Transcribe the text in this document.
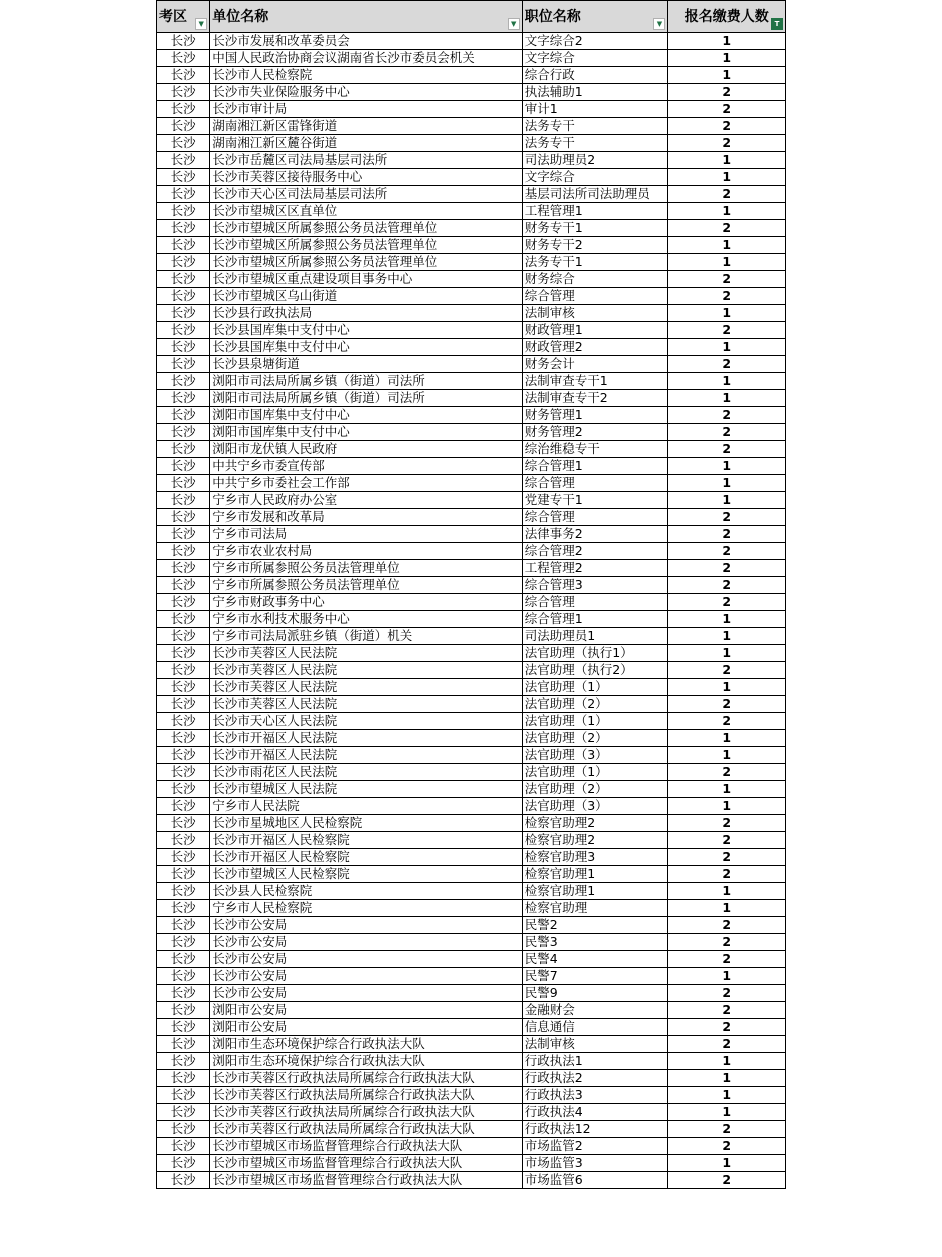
考区 ▼	单位名称 ▼	职位名称 ▼	报名缴费人数 T

长沙	长沙市发展和改革委员会	文字综合2	1
长沙	中国人民政治协商会议湖南省长沙市委员会机关	文字综合	1
长沙	长沙市人民检察院	综合行政	1
长沙	长沙市失业保险服务中心	执法辅助1	2
长沙	长沙市审计局	审计1	2
长沙	湖南湘江新区雷锋街道	法务专干	2
长沙	湖南湘江新区麓谷街道	法务专干	2
长沙	长沙市岳麓区司法局基层司法所	司法助理员2	1
长沙	长沙市芙蓉区接待服务中心	文字综合	1
长沙	长沙市天心区司法局基层司法所	基层司法所司法助理员	2
长沙	长沙市望城区区直单位	工程管理1	1
长沙	长沙市望城区所属参照公务员法管理单位	财务专干1	2
长沙	长沙市望城区所属参照公务员法管理单位	财务专干2	1
长沙	长沙市望城区所属参照公务员法管理单位	法务专干1	1
长沙	长沙市望城区重点建设项目事务中心	财务综合	2
长沙	长沙市望城区乌山街道	综合管理	2
长沙	长沙县行政执法局	法制审核	1
长沙	长沙县国库集中支付中心	财政管理1	2
长沙	长沙县国库集中支付中心	财政管理2	1
长沙	长沙县泉塘街道	财务会计	2
长沙	浏阳市司法局所属乡镇（街道）司法所	法制审查专干1	1
长沙	浏阳市司法局所属乡镇（街道）司法所	法制审查专干2	1
长沙	浏阳市国库集中支付中心	财务管理1	2
长沙	浏阳市国库集中支付中心	财务管理2	2
长沙	浏阳市龙伏镇人民政府	综治维稳专干	2
长沙	中共宁乡市委宣传部	综合管理1	1
长沙	中共宁乡市委社会工作部	综合管理	1
长沙	宁乡市人民政府办公室	党建专干1	1
长沙	宁乡市发展和改革局	综合管理	2
长沙	宁乡市司法局	法律事务2	2
长沙	宁乡市农业农村局	综合管理2	2
长沙	宁乡市所属参照公务员法管理单位	工程管理2	2
长沙	宁乡市所属参照公务员法管理单位	综合管理3	2
长沙	宁乡市财政事务中心	综合管理	2
长沙	宁乡市水利技术服务中心	综合管理1	1
长沙	宁乡市司法局派驻乡镇（街道）机关	司法助理员1	1
长沙	长沙市芙蓉区人民法院	法官助理（执行1）	1
长沙	长沙市芙蓉区人民法院	法官助理（执行2）	2
长沙	长沙市芙蓉区人民法院	法官助理（1）	1
长沙	长沙市芙蓉区人民法院	法官助理（2）	2
长沙	长沙市天心区人民法院	法官助理（1）	2
长沙	长沙市开福区人民法院	法官助理（2）	1
长沙	长沙市开福区人民法院	法官助理（3）	1
长沙	长沙市雨花区人民法院	法官助理（1）	2
长沙	长沙市望城区人民法院	法官助理（2）	1
长沙	宁乡市人民法院	法官助理（3）	1
长沙	长沙市星城地区人民检察院	检察官助理2	2
长沙	长沙市开福区人民检察院	检察官助理2	2
长沙	长沙市开福区人民检察院	检察官助理3	2
长沙	长沙市望城区人民检察院	检察官助理1	2
长沙	长沙县人民检察院	检察官助理1	1
长沙	宁乡市人民检察院	检察官助理	1
长沙	长沙市公安局	民警2	2
长沙	长沙市公安局	民警3	2
长沙	长沙市公安局	民警4	2
长沙	长沙市公安局	民警7	1
长沙	长沙市公安局	民警9	2
长沙	浏阳市公安局	金融财会	2
长沙	浏阳市公安局	信息通信	2
长沙	浏阳市生态环境保护综合行政执法大队	法制审核	2
长沙	浏阳市生态环境保护综合行政执法大队	行政执法1	1
长沙	长沙市芙蓉区行政执法局所属综合行政执法大队	行政执法2	1
长沙	长沙市芙蓉区行政执法局所属综合行政执法大队	行政执法3	1
长沙	长沙市芙蓉区行政执法局所属综合行政执法大队	行政执法4	1
长沙	长沙市芙蓉区行政执法局所属综合行政执法大队	行政执法12	2
长沙	长沙市望城区市场监督管理综合行政执法大队	市场监管2	2
长沙	长沙市望城区市场监督管理综合行政执法大队	市场监管3	1
长沙	长沙市望城区市场监督管理综合行政执法大队	市场监管6	2
